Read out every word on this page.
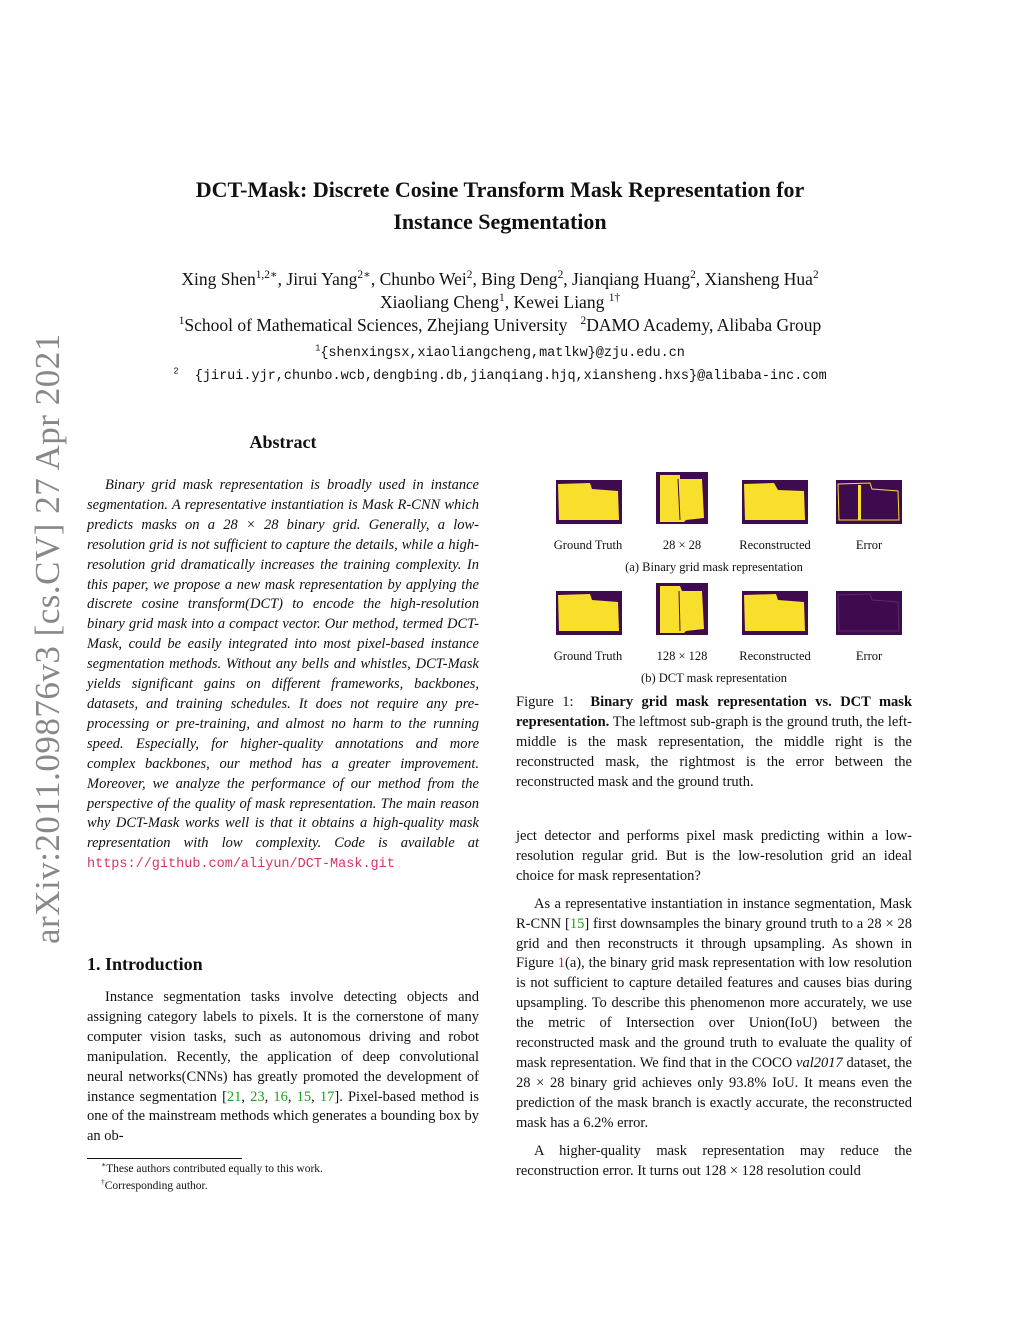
arXiv:2011.09876v3 [cs.CV] 27 Apr 2021
DCT-Mask: Discrete Cosine Transform Mask Representation for
Instance Segmentation
Xing Shen$^{1,2∗}$, Jirui Yang$^{2∗}$, Chunbo Wei$^2$, Bing Deng$^2$, Jianqiang Huang$^2$, Xiansheng Hua$^2$
Xiaoliang Cheng$^1$, Kewei Liang $^{1\dagger}$
$^1$School of Mathematical Sciences, Zhejiang University $^2$DAMO Academy, Alibaba Group
$^1${shenxingsx,xiaoliangcheng,matlkw}@zju.edu.cn
$^2$ {jirui.yjr,chunbo.wcb,dengbing.db,jianqiang.hjq,xiansheng.hxs}@alibaba-inc.com
Abstract
Binary grid mask representation is broadly used in instance segmentation. A representative instantiation is Mask R-CNN which predicts masks on a 28 × 28 binary grid. Generally, a low-resolution grid is not sufficient to capture the details, while a high-resolution grid dramatically increases the training complexity. In this paper, we propose a new mask representation by applying the discrete cosine transform(DCT) to encode the high-resolution binary grid mask into a compact vector. Our method, termed DCT-Mask, could be easily integrated into most pixel-based instance segmentation methods. Without any bells and whistles, DCT-Mask yields significant gains on different frameworks, backbones, datasets, and training schedules. It does not require any pre-processing or pre-training, and almost no harm to the running speed. Especially, for higher-quality annotations and more complex backbones, our method has a greater improvement. Moreover, we analyze the performance of our method from the perspective of the quality of mask representation. The main reason why DCT-Mask works well is that it obtains a high-quality mask representation with low complexity. Code is available at https://github.com/aliyun/DCT-Mask.git
1. Introduction
Instance segmentation tasks involve detecting objects and assigning category labels to pixels. It is the cornerstone of many computer vision tasks, such as autonomous driving and robot manipulation. Recently, the application of deep convolutional neural networks(CNNs) has greatly promoted the development of instance segmentation [21, 23, 16, 15, 17]. Pixel-based method is one of the mainstream methods which generates a bounding box by an ob-
∗These authors contributed equally to this work.
†Corresponding author.
Ground Truth	28 × 28	Reconstructed	Error
(a) Binary grid mask representation
Ground Truth	128 × 128	Reconstructed	Error
(b) DCT mask representation
Figure 1: Binary grid mask representation vs. DCT mask representation. The leftmost sub-graph is the ground truth, the left-middle is the mask representation, the middle right is the reconstructed mask, the rightmost is the error between the reconstructed mask and the ground truth.
ject detector and performs pixel mask predicting within a low-resolution regular grid. But is the low-resolution grid an ideal choice for mask representation?
As a representative instantiation in instance segmentation, Mask R-CNN [15] first downsamples the binary ground truth to a 28 × 28 grid and then reconstructs it through upsampling. As shown in Figure 1(a), the binary grid mask representation with low resolution is not sufficient to capture detailed features and causes bias during upsampling. To describe this phenomenon more accurately, we use the metric of Intersection over Union(IoU) between the reconstructed mask and the ground truth to evaluate the quality of mask representation. We find that in the COCO val2017 dataset, the 28 × 28 binary grid achieves only 93.8% IoU. It means even the prediction of the mask branch is exactly accurate, the reconstructed mask has a 6.2% error.
A higher-quality mask representation may reduce the reconstruction error. It turns out 128 × 128 resolution could
